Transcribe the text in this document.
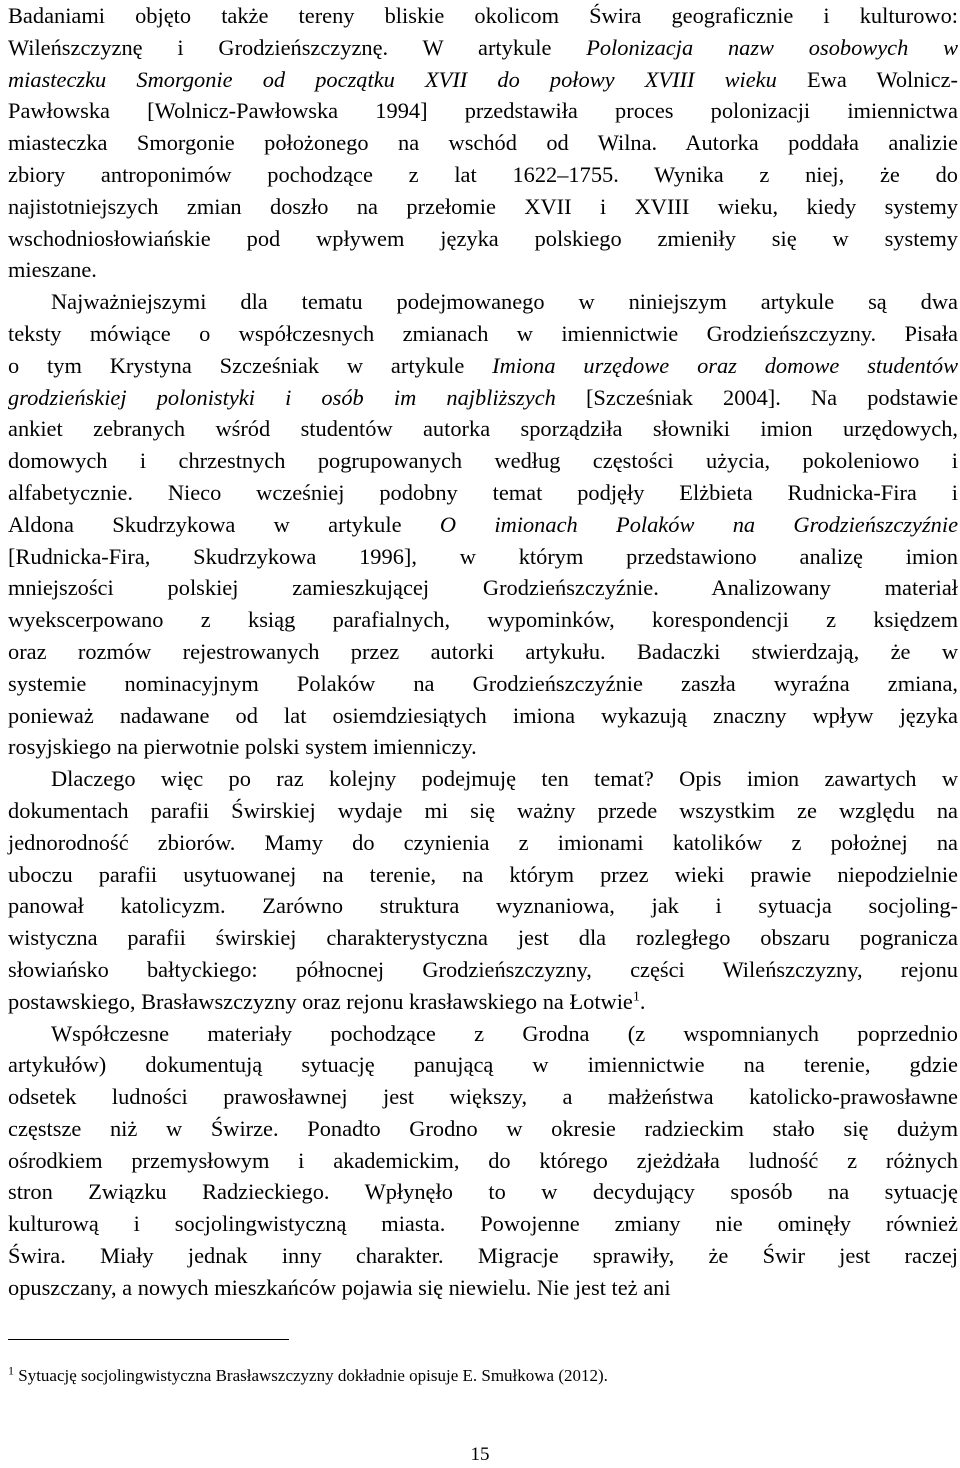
Badaniami objęto także tereny bliskie okolicom Świra geograficznie i kulturowo:
Wileńszczyznę i Grodzieńszczyznę. W artykule Polonizacja nazw osobowych w
miasteczku Smorgonie od początku XVII do połowy XVIII wieku Ewa Wolnicz-
Pawłowska [Wolnicz-Pawłowska 1994] przedstawiła proces polonizacji imiennictwa
miasteczka Smorgonie położonego na wschód od Wilna. Autorka poddała analizie
zbiory antroponimów pochodzące z lat 1622–1755. Wynika z niej, że do
najistotniejszych zmian doszło na przełomie XVII i XVIII wieku, kiedy systemy
wschodniosłowiańskie pod wpływem języka polskiego zmieniły się w systemy
mieszane.

Najważniejszymi dla tematu podejmowanego w niniejszym artykule są dwa
teksty mówiące o współczesnych zmianach w imiennictwie Grodzieńszczyzny. Pisała
o tym Krystyna Szcześniak w artykule Imiona urzędowe oraz domowe studentów
grodzieńskiej polonistyki i osób im najbliższych [Szcześniak 2004]. Na podstawie
ankiet zebranych wśród studentów autorka sporządziła słowniki imion urzędowych,
domowych i chrzestnych pogrupowanych według częstości użycia, pokoleniowo i
alfabetycznie. Nieco wcześniej podobny temat podjęły Elżbieta Rudnicka-Fira i
Aldona Skudrzykowa w artykule O imionach Polaków na Grodzieńszczyźnie
[Rudnicka-Fira, Skudrzykowa 1996], w którym przedstawiono analizę imion
mniejszości polskiej zamieszkującej Grodzieńszczyźnie. Analizowany materiał
wyekscerpowano z ksiąg parafialnych, wypominków, korespondencji z księdzem
oraz rozmów rejestrowanych przez autorki artykułu. Badaczki stwierdzają, że w
systemie nominacyjnym Polaków na Grodzieńszczyźnie zaszła wyraźna zmiana,
ponieważ nadawane od lat osiemdziesiątych imiona wykazują znaczny wpływ języka
rosyjskiego na pierwotnie polski system imienniczy.

Dlaczego więc po raz kolejny podejmuję ten temat? Opis imion zawartych w
dokumentach parafii Świrskiej wydaje mi się ważny przede wszystkim ze względu na
jednorodność zbiorów. Mamy do czynienia z imionami katolików z położnej na
uboczu parafii usytuowanej na terenie, na którym przez wieki prawie niepodzielnie
panował katolicyzm. Zarówno struktura wyznaniowa, jak i sytuacja socjoling-
wistyczna parafii świrskiej charakterystyczna jest dla rozległego obszaru pogranicza
słowiańsko bałtyckiego: północnej Grodzieńszczyzny, części Wileńszczyzny, rejonu
postawskiego, Brasławszczyzny oraz rejonu krasławskiego na Łotwie$^1$.

Współczesne materiały pochodzące z Grodna (z wspomnianych poprzednio
artykułów) dokumentują sytuację panującą w imiennictwie na terenie, gdzie
odsetek ludności prawosławnej jest większy, a małżeństwa katolicko-prawosławne
częstsze niż w Świrze. Ponadto Grodno w okresie radzieckim stało się dużym
ośrodkiem przemysłowym i akademickim, do którego zjeżdżała ludność z różnych
stron Związku Radzieckiego. Wpłynęło to w decydujący sposób na sytuację
kulturową i socjolingwistyczną miasta. Powojenne zmiany nie ominęły również
Świra. Miały jednak inny charakter. Migracje sprawiły, że Świr jest raczej
opuszczany, a nowych mieszkańców pojawia się niewielu. Nie jest też ani

$^1$ Sytuację socjolingwistyczna Brasławszczyzny dokładnie opisuje E. Smułkowa (2012).
15
